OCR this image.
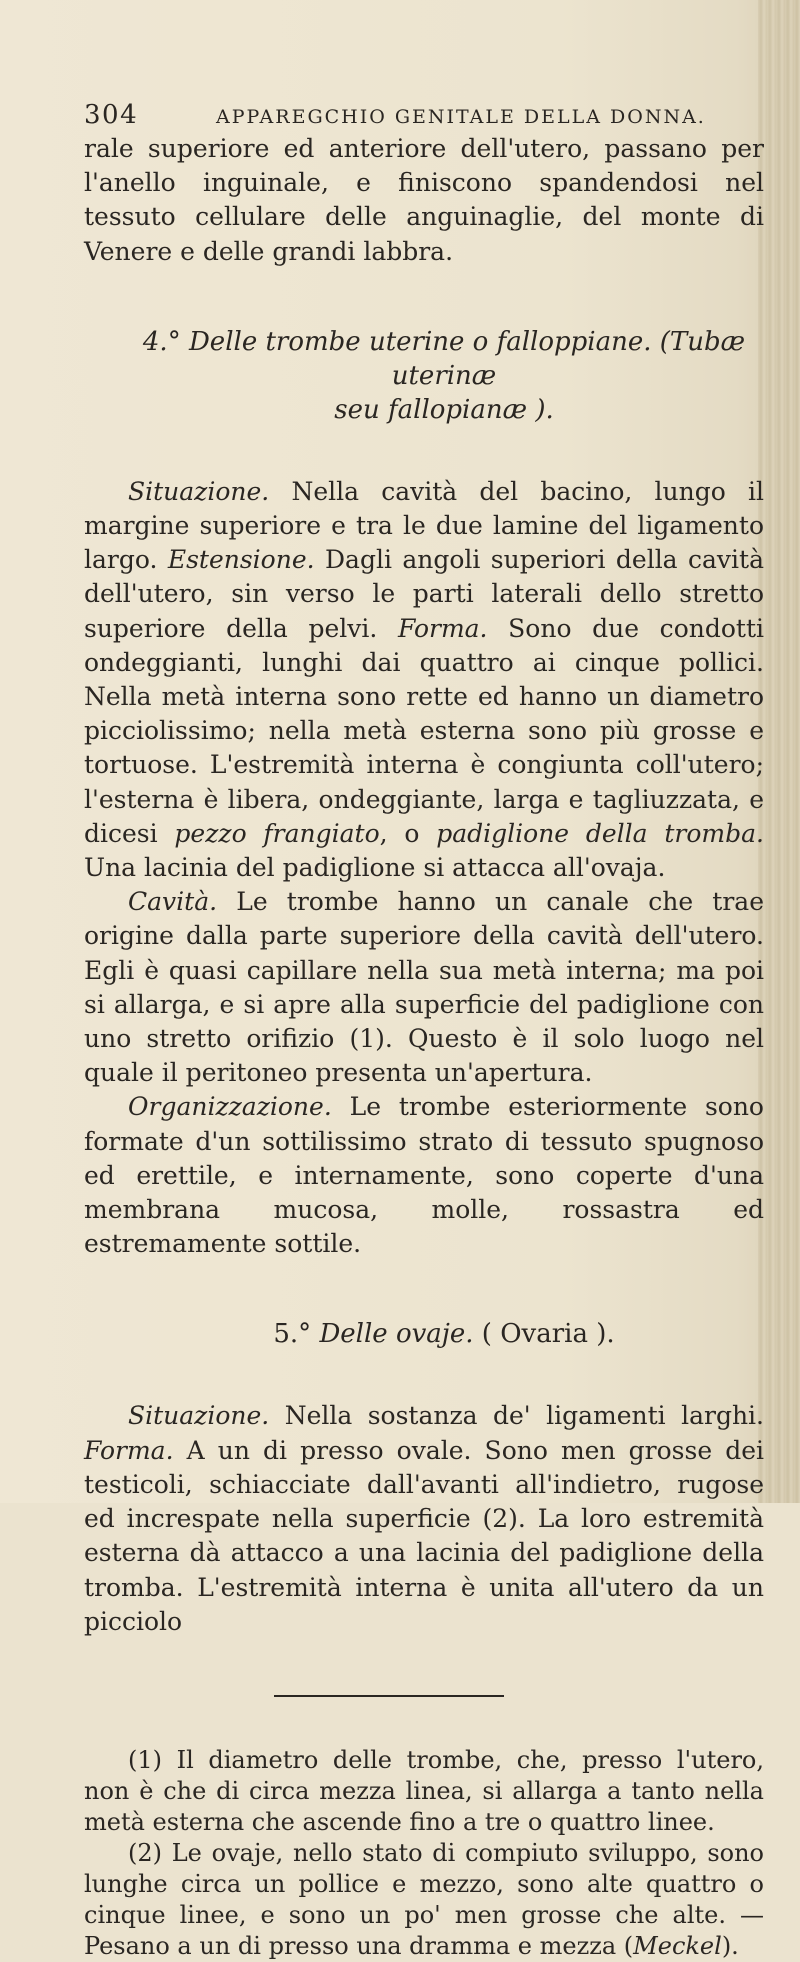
304	APPAREGCHIO GENITALE DELLA DONNA.

rale superiore ed anteriore dell'utero, passano per l'anello inguinale, e finiscono spandendosi nel tessuto cellulare delle anguinaglie, del monte di Venere e delle grandi labbra.

4.° Delle trombe uterine o falloppiane. (Tubæ uterinæ
seu fallopianæ ).

Situazione. Nella cavità del bacino, lungo il margine superiore e tra le due lamine del ligamento largo. Estensione. Dagli angoli superiori della cavità dell'utero, sin verso le parti laterali dello stretto superiore della pelvi. Forma. Sono due condotti ondeggianti, lunghi dai quattro ai cinque pollici. Nella metà interna sono rette ed hanno un diametro picciolissimo; nella metà esterna sono più grosse e tortuose. L'estremità interna è congiunta coll'utero; l'esterna è libera, ondeggiante, larga e tagliuzzata, e dicesi pezzo frangiato, o padiglione della tromba. Una lacinia del padiglione si attacca all'ovaja.

Cavità. Le trombe hanno un canale che trae origine dalla parte superiore della cavità dell'utero. Egli è quasi capillare nella sua metà interna; ma poi si allarga, e si apre alla superficie del padiglione con uno stretto orifizio (1). Questo è il solo luogo nel quale il peritoneo presenta un'apertura.

Organizzazione. Le trombe esteriormente sono formate d'un sottilissimo strato di tessuto spugnoso ed erettile, e internamente, sono coperte d'una membrana mucosa, molle, rossastra ed estremamente sottile.

5.° Delle ovaje. ( Ovaria ).

Situazione. Nella sostanza de' ligamenti larghi. Forma. A un di presso ovale. Sono men grosse dei testicoli, schiacciate dall'avanti all'indietro, rugose ed increspate nella superficie (2). La loro estremità esterna dà attacco a una lacinia del padiglione della tromba. L'estremità interna è unita all'utero da un picciolo

(1) Il diametro delle trombe, che, presso l'utero, non è che di circa mezza linea, si allarga a tanto nella metà esterna che ascende fino a tre o quattro linee.

(2) Le ovaje, nello stato di compiuto sviluppo, sono lunghe circa un pollice e mezzo, sono alte quattro o cinque linee, e sono un po' men grosse che alte. — Pesano a un di presso una dramma e mezza (Meckel).
